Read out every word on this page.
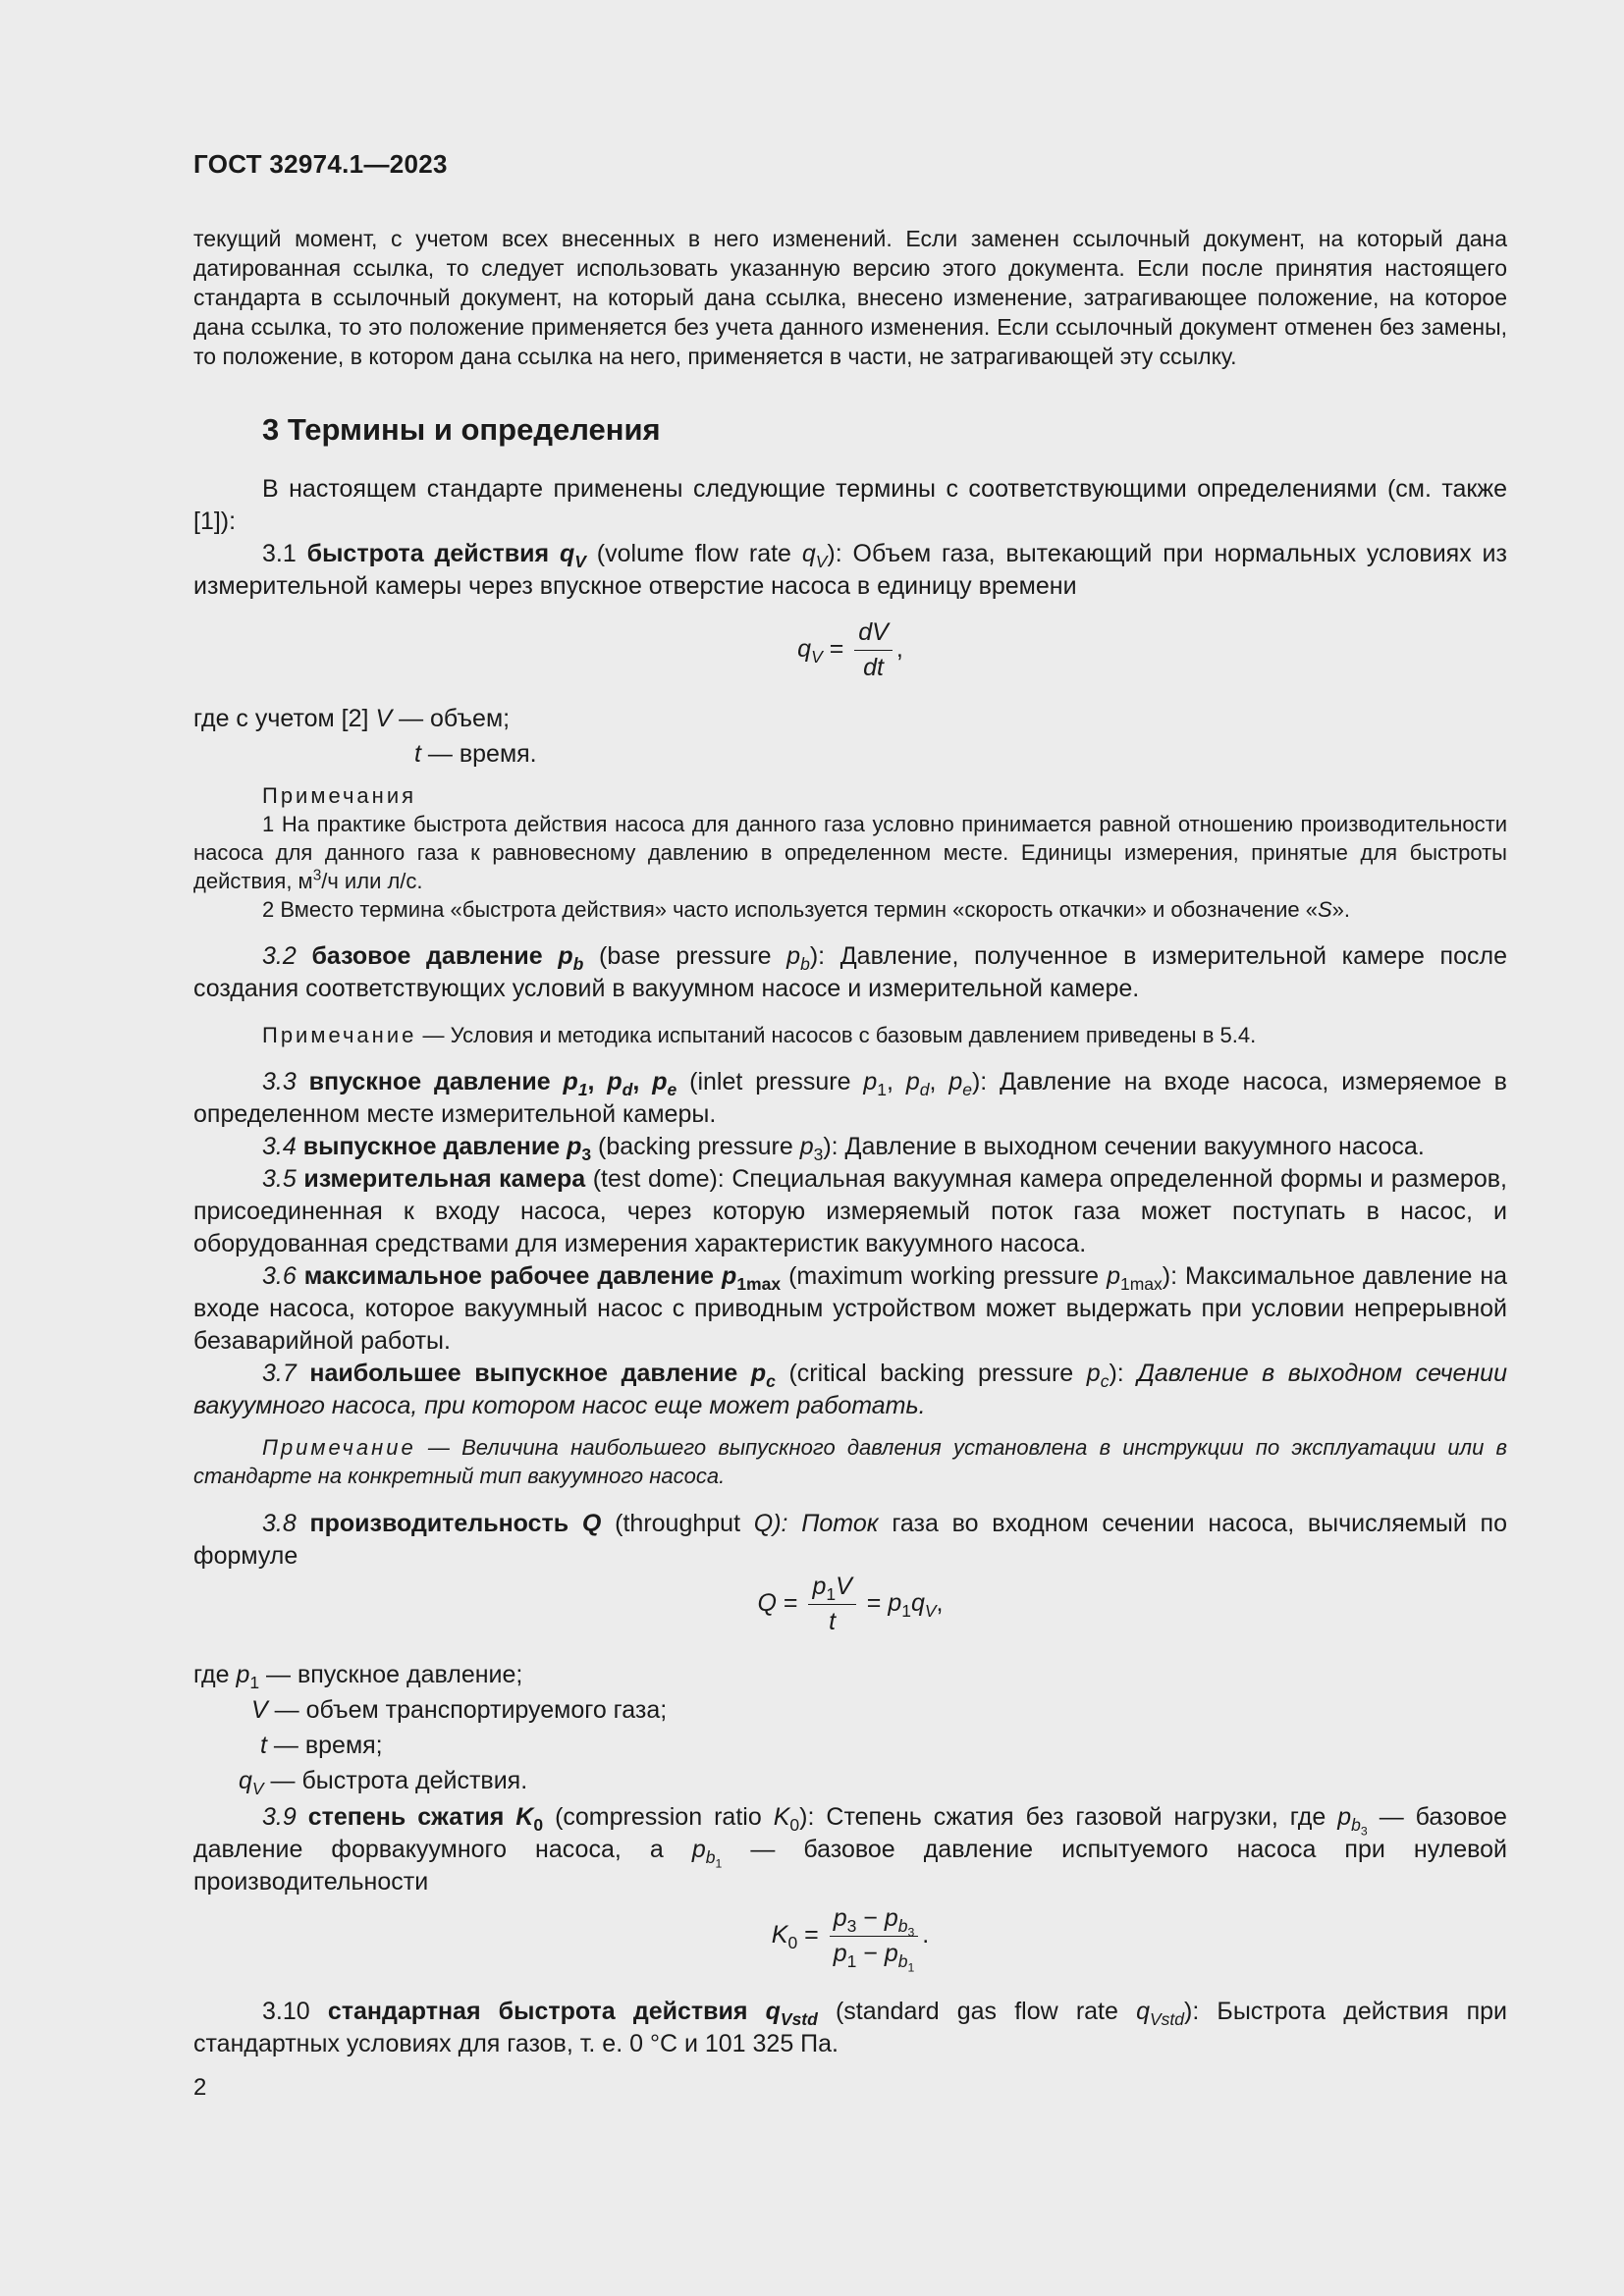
ГОСТ 32974.1—2023

текущий момент, с учетом всех внесенных в него изменений. Если заменен ссылочный документ, на который дана датированная ссылка, то следует использовать указанную версию этого документа. Если после принятия настоящего стандарта в ссылочный документ, на который дана ссылка, внесено изменение, затрагивающее положение, на которое дана ссылка, то это положение применяется без учета данного изменения. Если ссылочный документ отменен без замены, то положение, в котором дана ссылка на него, применяется в части, не затрагивающей эту ссылку.

3 Термины и определения

В настоящем стандарте применены следующие термины с соответствующими определениями (см. также [1]):

3.1 быстрота действия $q_V$ (volume flow rate $q_V$): Объем газа, вытекающий при нормальных условиях из измерительной камеры через впускное отверстие насоса в единицу времени

$q_V = \frac{dV}{dt}$ ,
где с учетом [2] V — объем;
t — время.

Примечания

1 На практике быстрота действия насоса для данного газа условно принимается равной отношению производительности насоса для данного газа к равновесному давлению в определенном месте. Единицы измерения, принятые для быстроты действия, $м^3/ч$ или л/с.

2 Вместо термина «быстрота действия» часто используется термин «скорость откачки» и обозначение «S».

3.2 базовое давление $p_b$ (base pressure $p_b$): Давление, полученное в измерительной камере после создания соответствующих условий в вакуумном насосе и измерительной камере.

Примечание — Условия и методика испытаний насосов с базовым давлением приведены в 5.4.

3.3 впускное давление $p_1$, $p_d$, $p_e$ (inlet pressure $p_1$, $p_d$, $p_e$): Давление на входе насоса, измеряемое в определенном месте измерительной камеры.

3.4 выпускное давление $p_3$ (backing pressure $p_3$): Давление в выходном сечении вакуумного насоса.

3.5 измерительная камера (test dome): Специальная вакуумная камера определенной формы и размеров, присоединенная к входу насоса, через которую измеряемый поток газа может поступать в насос, и оборудованная средствами для измерения характеристик вакуумного насоса.

3.6 максимальное рабочее давление $p_{1max}$ (maximum working pressure $p_{1max}$): Максимальное давление на входе насоса, которое вакуумный насос с приводным устройством может выдержать при условии непрерывной безаварийной работы.

3.7 наибольшее выпускное давление $p_c$ (critical backing pressure $p_c$): Давление в выходном сечении вакуумного насоса, при котором насос еще может работать.

Примечание — Величина наибольшего выпускного давления установлена в инструкции по эксплуатации или в стандарте на конкретный тип вакуумного насоса.

3.8 производительность Q (throughput Q): Поток газа во входном сечении насоса, вычисляемый по формуле

$Q = \frac{p_1V}{t} = p_1q_V$,
где $p_1$ — впускное давление;
V — объем транспортируемого газа;
t — время;
$q_V$ — быстрота действия.

3.9 степень сжатия $K_0$ (compression ratio $K_0$): Степень сжатия без газовой нагрузки, где $p_{b_3}$ — базовое давление форвакуумного насоса, а $p_{b_1}$ — базовое давление испытуемого насоса при нулевой производительности

$K_0 = \frac{p_3 - p_{b_3}}{p_1 - p_{b_1}}$ .

3.10 стандартная быстрота действия $q_{Vstd}$ (standard gas flow rate $q_{Vstd}$): Быстрота действия при стандартных условиях для газов, т. е. 0 °С и 101 325 Па.

2
